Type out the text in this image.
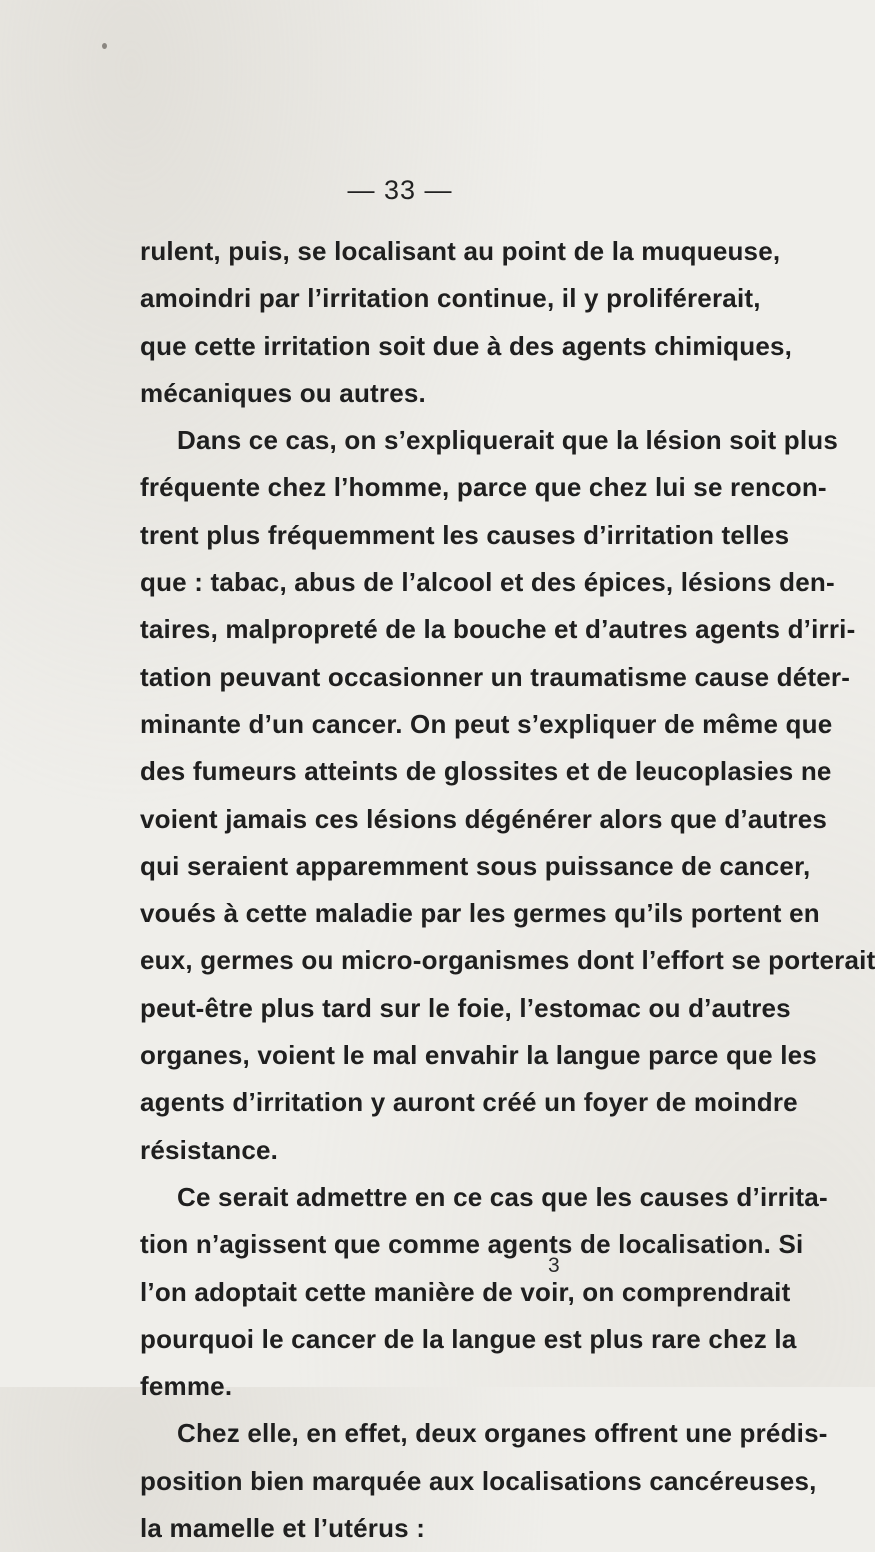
— 33 —
rulent, puis, se localisant au point de la muqueuse,
amoindri par l’irritation continue, il y proliférerait,
que cette irritation soit due à des agents chimiques,
mécaniques ou autres.
Dans ce cas, on s’expliquerait que la lésion soit plus
fréquente chez l’homme, parce que chez lui se rencon-
trent plus fréquemment les causes d’irritation telles
que : tabac, abus de l’alcool et des épices, lésions den-
taires, malpropreté de la bouche et d’autres agents d’irri-
tation peuvant occasionner un traumatisme cause déter-
minante d’un cancer. On peut s’expliquer de même que
des fumeurs atteints de glossites et de leucoplasies ne
voient jamais ces lésions dégénérer alors que d’autres
qui seraient apparemment sous puissance de cancer,
voués à cette maladie par les germes qu’ils portent en
eux, germes ou micro-organismes dont l’effort se porterait
peut-être plus tard sur le foie, l’estomac ou d’autres
organes, voient le mal envahir la langue parce que les
agents d’irritation y auront créé un foyer de moindre
résistance.
Ce serait admettre en ce cas que les causes d’irrita-
tion n’agissent que comme agents de localisation. Si
l’on adoptait cette manière de voir, on comprendrait
pourquoi le cancer de la langue est plus rare chez la
femme.
Chez elle, en effet, deux organes offrent une prédis-
position bien marquée aux localisations cancéreuses,
la mamelle et l’utérus :
3
